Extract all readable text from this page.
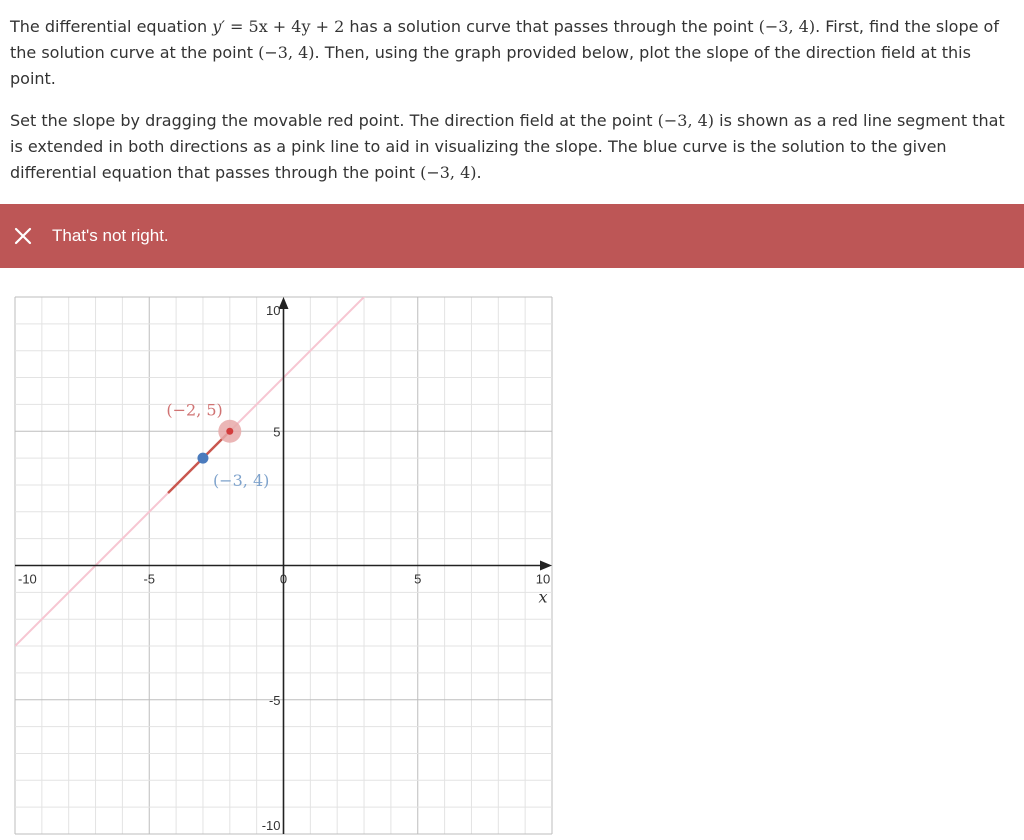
The differential equation y′ = 5x + 4y + 2 has a solution curve that passes through the point (−3, 4). First, find the slope of the solution curve at the point (−3, 4). Then, using the graph provided below, plot the slope of the direction field at this point.

Set the slope by dragging the movable red point. The direction field at the point (−3, 4) is shown as a red line segment that is extended in both directions as a pink line to aid in visualizing the slope. The blue curve is the solution to the given differential equation that passes through the point (−3, 4).

That's not right.
-10	-5	0	5	10
10
5
-5
-10
x
(−2, 5)
(−3, 4)
